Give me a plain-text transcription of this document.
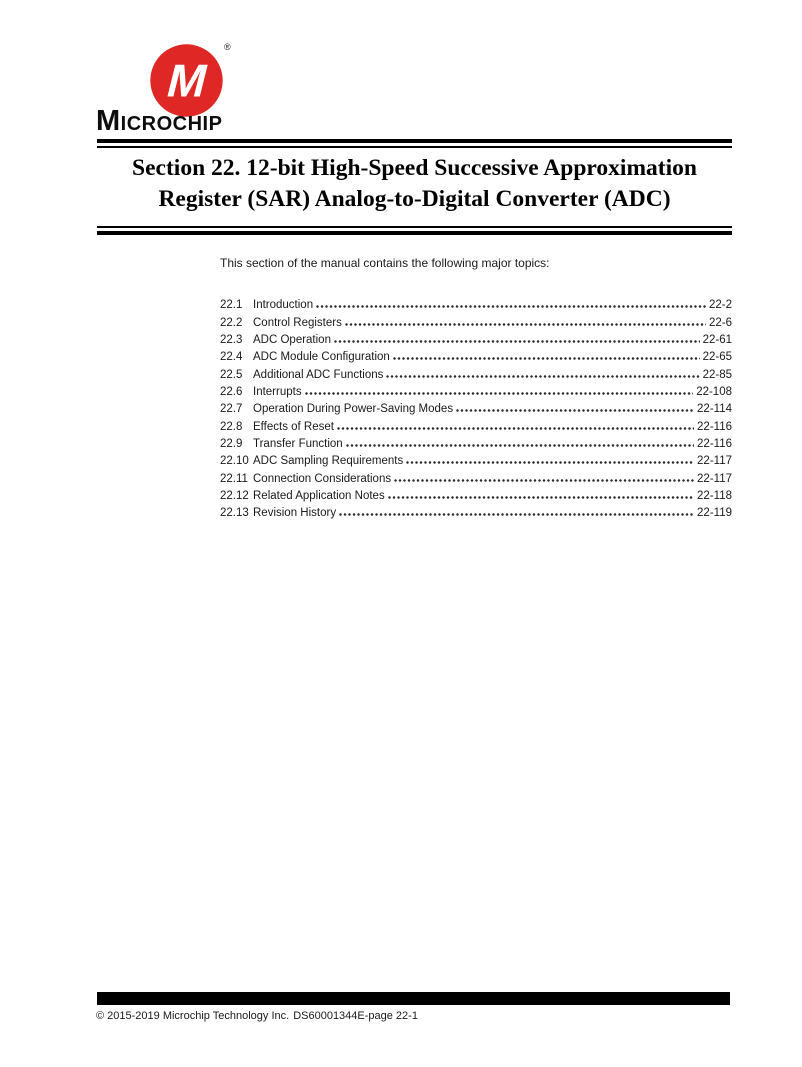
M
®
Microchip
Section 22. 12-bit High-Speed Successive Approximation
Register (SAR) Analog-to-Digital Converter (ADC)
This section of the manual contains the following major topics:
22.1 Introduction	22-2
22.2 Control Registers	22-6
22.3 ADC Operation	22-61
22.4 ADC Module Configuration	22-65
22.5 Additional ADC Functions	22-85
22.6 Interrupts	22-108
22.7 Operation During Power-Saving Modes	22-114
22.8 Effects of Reset	22-116
22.9 Transfer Function	22-116
22.10 ADC Sampling Requirements	22-117
22.11 Connection Considerations	22-117
22.12 Related Application Notes	22-118
22.13 Revision History	22-119
© 2015-2019 Microchip Technology Inc. DS60001344E-page 22-1
